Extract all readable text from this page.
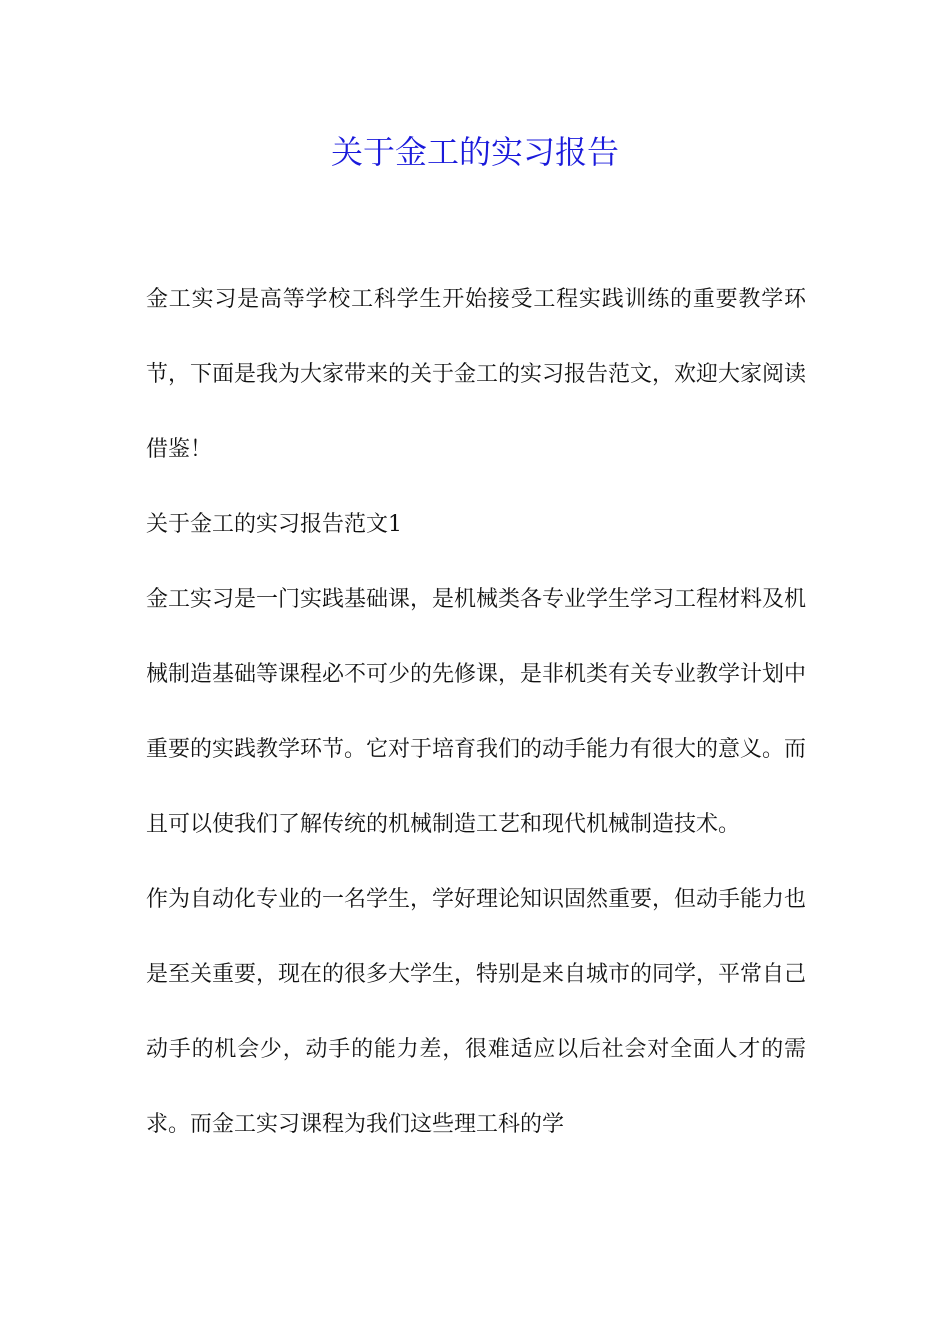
关于金工的实习报告

金工实习是高等学校工科学生开始接受工程实践训练的重要教学环节，下面是我为大家带来的关于金工的实习报告范文，欢迎大家阅读借鉴！

关于金工的实习报告范文1

金工实习是一门实践基础课，是机械类各专业学生学习工程材料及机械制造基础等课程必不可少的先修课，是非机类有关专业教学计划中重要的实践教学环节。它对于培育我们的动手能力有很大的意义。而且可以使我们了解传统的机械制造工艺和现代机械制造技术。

作为自动化专业的一名学生，学好理论知识固然重要，但动手能力也是至关重要，现在的很多大学生，特别是来自城市的同学，平常自己动手的机会少，动手的能力差，很难适应以后社会对全面人才的需求。而金工实习课程为我们这些理工科的学
